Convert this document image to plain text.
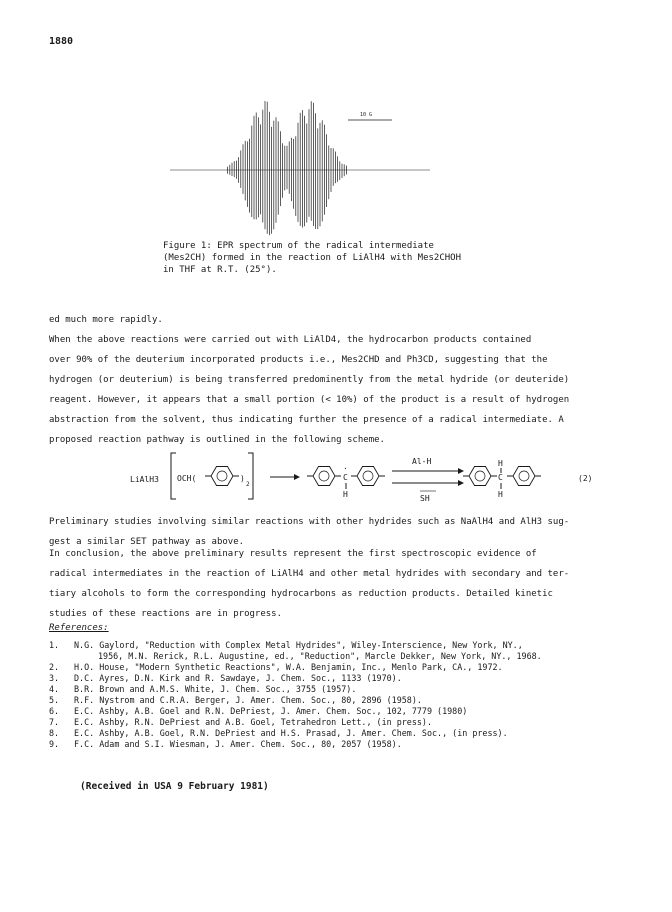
1880
10 G
Figure 1: EPR spectrum of the radical intermediate
(Mes2CH) formed in the reaction of LiAlH4 with Mes2CHOH
in THF at R.T. (25°).
ed much more rapidly.
When the above reactions were carried out with LiAlD4, the hydrocarbon products contained
over 90% of the deuterium incorporated products i.e., Mes2CHD and Ph3CD, suggesting that the
hydrogen (or deuterium) is being transferred predominently from the metal hydride (or deuteride)
reagent. However, it appears that a small portion (< 10%) of the product is a result of hydrogen
abstraction from the solvent, thus indicating further the presence of a radical intermediate. A
proposed reaction pathway is outlined in the following scheme.
LiAlH3 OCH(	)
2
.
C
H
Al-H
SH
H
C
H
(2)
Preliminary studies involving similar reactions with other hydrides such as NaAlH4 and AlH3 sug-
gest a similar SET pathway as above.
In conclusion, the above preliminary results represent the first spectroscopic evidence of
radical intermediates in the reaction of LiAlH4 and other metal hydrides with secondary and ter-
tiary alcohols to form the corresponding hydrocarbons as reduction products. Detailed kinetic
studies of these reactions are in progress.
References:
1.	N.G. Gaylord, "Reduction with Complex Metal Hydrides", Wiley-Interscience, New York, NY.,
1956, M.N. Rerick, R.L. Augustine, ed., "Reduction", Marcle Dekker, New York, NY., 1968.
2.	H.O. House, "Modern Synthetic Reactions", W.A. Benjamin, Inc., Menlo Park, CA., 1972.
3.	D.C. Ayres, D.N. Kirk and R. Sawdaye, J. Chem. Soc., 1133 (1970).
4.	B.R. Brown and A.M.S. White, J. Chem. Soc., 3755 (1957).
5.	R.F. Nystrom and C.R.A. Berger, J. Amer. Chem. Soc., 80, 2896 (1958).
6.	E.C. Ashby, A.B. Goel and R.N. DePriest, J. Amer. Chem. Soc., 102, 7779 (1980)
7.	E.C. Ashby, R.N. DePriest and A.B. Goel, Tetrahedron Lett., (in press).
8.	E.C. Ashby, A.B. Goel, R.N. DePriest and H.S. Prasad, J. Amer. Chem. Soc., (in press).
9.	F.C. Adam and S.I. Wiesman, J. Amer. Chem. Soc., 80, 2057 (1958).
(Received in USA 9 February 1981)
